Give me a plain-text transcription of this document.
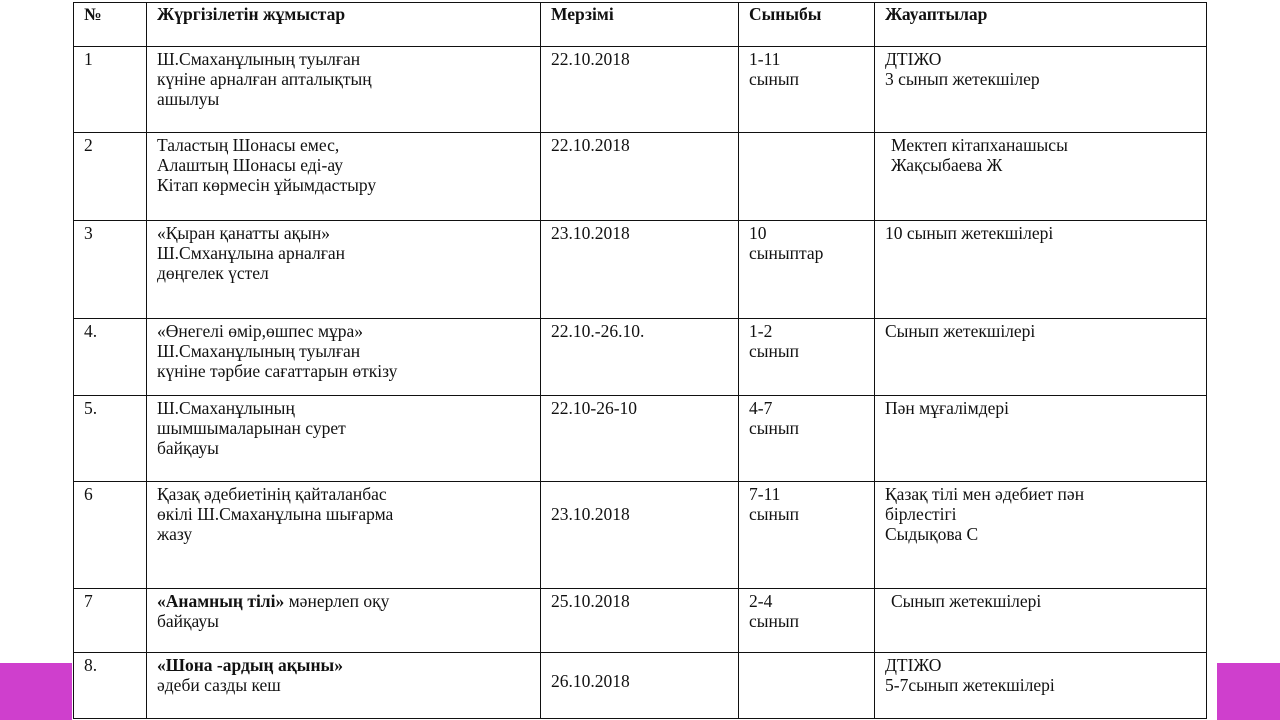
№	Жүргізілетін жұмыстар	Мерзімі	Сыныбы	Жауаптылар
1	Ш.Смаханұлының туылған
күніне арналған апталықтың
ашылуы	22.10.2018	1-11
сынып	ДТІЖО
3 сынып жетекшілер
2	Таластың Шонасы емес,
Алаштың Шонасы еді-ау
Кітап көрмесін ұйымдастыру	22.10.2018		Мектеп кітапханашысы
Жақсыбаева Ж
3	«Қыран қанатты ақын»
Ш.Смханұлына арналған
дөңгелек үстел	23.10.2018	10
сыныптар	10 сынып жетекшілері
4.	«Өнегелі өмір,өшпес мұра»
Ш.Смаханұлының туылған
күніне тәрбие сағаттарын өткізу	22.10.-26.10.	1-2
сынып	Сынып жетекшілері
5.	Ш.Смаханұлының
шымшымаларынан сурет
байқауы	22.10-26-10	4-7
сынып	Пән мұғалімдері
6	Қазақ әдебиетінің қайталанбас
өкілі Ш.Смаханұлына шығарма
жазу	23.10.2018	7-11
сынып	Қазақ тілі мен әдебиет пән
бірлестігі
Сыдықова С
7	«Анамның тілі» мәнерлеп оқу
байқауы	25.10.2018	2-4
сынып	Сынып жетекшілері
8.	«Шона -ардың ақыны»
әдеби сазды кеш	26.10.2018		ДТІЖО
5-7сынып жетекшілері
